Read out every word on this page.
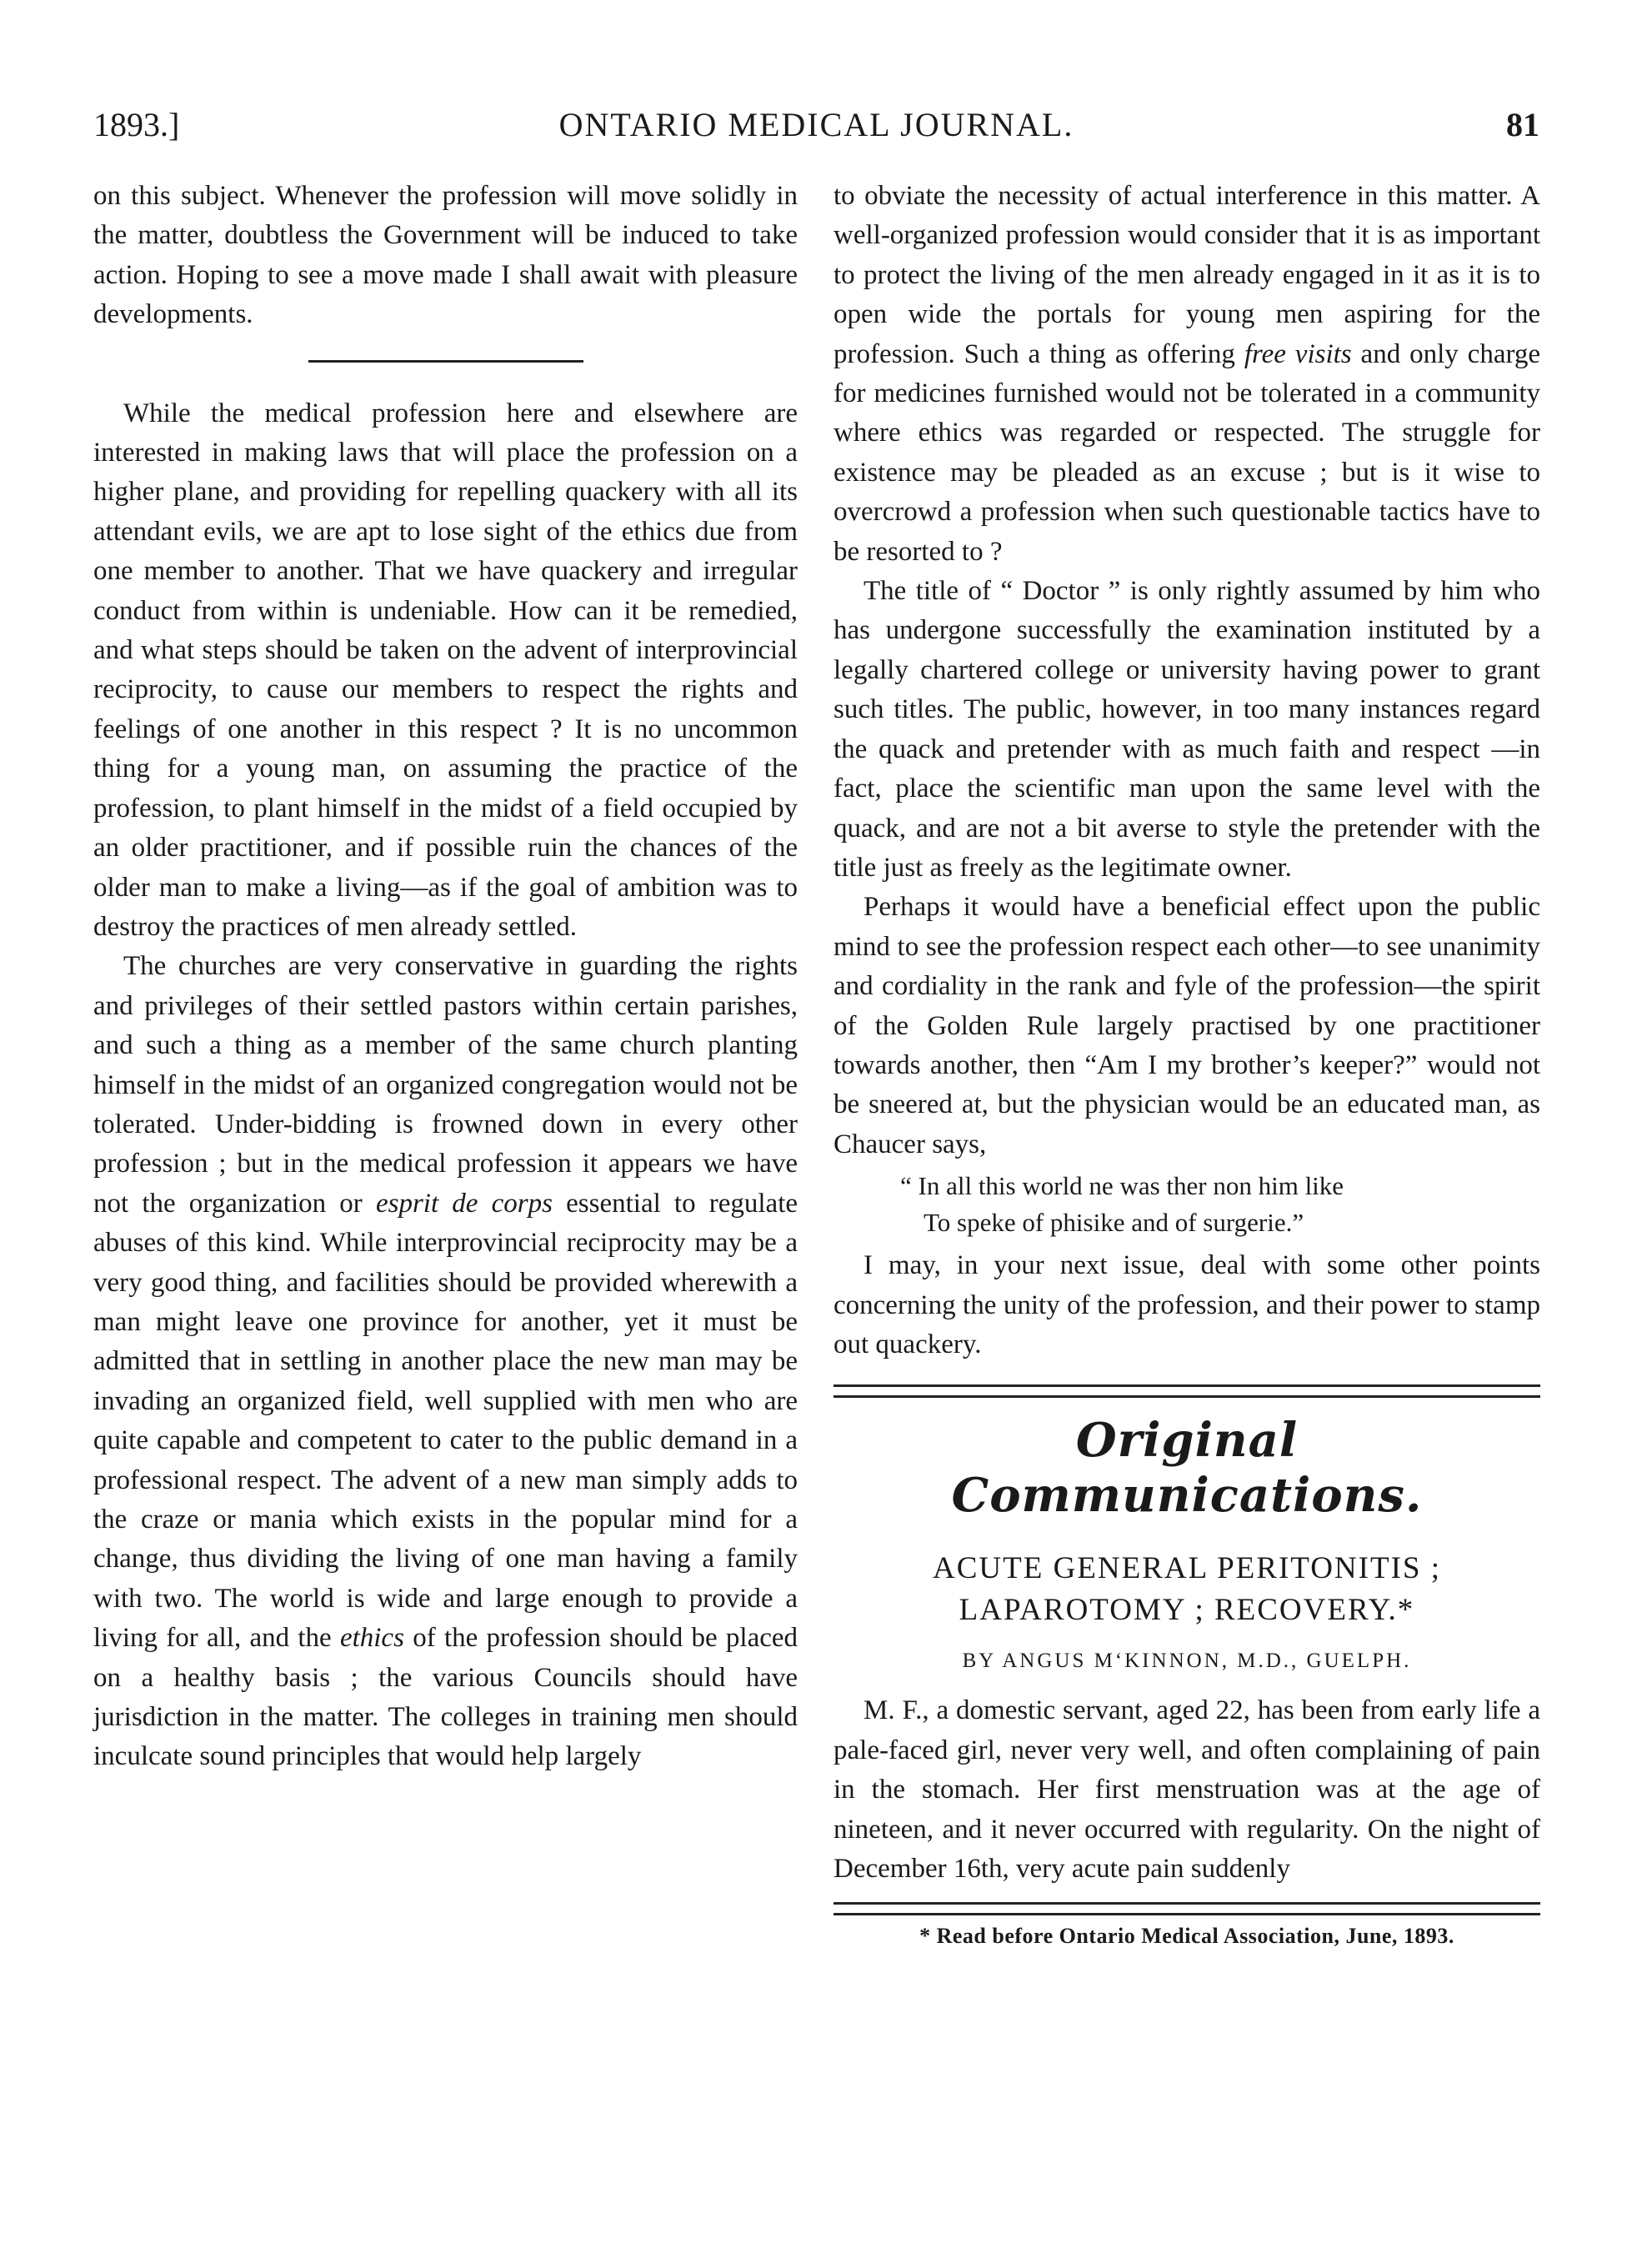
1893.]	ONTARIO MEDICAL JOURNAL.	81

on this subject. Whenever the profession will move solidly in the matter, doubtless the Government will be induced to take action. Hoping to see a move made I shall await with pleasure developments.

While the medical profession here and elsewhere are interested in making laws that will place the profession on a higher plane, and providing for repelling quackery with all its attendant evils, we are apt to lose sight of the ethics due from one member to another. That we have quackery and irregular conduct from within is undeniable. How can it be remedied, and what steps should be taken on the advent of interprovincial reciprocity, to cause our members to respect the rights and feelings of one another in this respect ? It is no uncommon thing for a young man, on assuming the practice of the profession, to plant himself in the midst of a field occupied by an older practitioner, and if possible ruin the chances of the older man to make a living—as if the goal of ambition was to destroy the practices of men already settled.

The churches are very conservative in guarding the rights and privileges of their settled pastors within certain parishes, and such a thing as a member of the same church planting himself in the midst of an organized congregation would not be tolerated. Under-bidding is frowned down in every other profession ; but in the medical profession it appears we have not the organization or esprit de corps essential to regulate abuses of this kind. While interprovincial reciprocity may be a very good thing, and facilities should be provided wherewith a man might leave one province for another, yet it must be admitted that in settling in another place the new man may be invading an organized field, well supplied with men who are quite capable and competent to cater to the public demand in a professional respect. The advent of a new man simply adds to the craze or mania which exists in the popular mind for a change, thus dividing the living of one man having a family with two. The world is wide and large enough to provide a living for all, and the ethics of the profession should be placed on a healthy basis ; the various Councils should have jurisdiction in the matter. The colleges in training men should inculcate sound principles that would help largely

to obviate the necessity of actual interference in this matter. A well-organized profession would consider that it is as important to protect the living of the men already engaged in it as it is to open wide the portals for young men aspiring for the profession. Such a thing as offering free visits and only charge for medicines furnished would not be tolerated in a community where ethics was regarded or respected. The struggle for existence may be pleaded as an excuse ; but is it wise to overcrowd a profession when such questionable tactics have to be resorted to ?

The title of “ Doctor ” is only rightly assumed by him who has undergone successfully the examination instituted by a legally chartered college or university having power to grant such titles. The public, however, in too many instances regard the quack and pretender with as much faith and respect —in fact, place the scientific man upon the same level with the quack, and are not a bit averse to style the pretender with the title just as freely as the legitimate owner.

Perhaps it would have a beneficial effect upon the public mind to see the profession respect each other—to see unanimity and cordiality in the rank and fyle of the profession—the spirit of the Golden Rule largely practised by one practitioner towards another, then “Am I my brother’s keeper?” would not be sneered at, but the physician would be an educated man, as Chaucer says,

“ In all this world ne was ther non him like
To speke of phisike and of surgerie.”

I may, in your next issue, deal with some other points concerning the unity of the profession, and their power to stamp out quackery.

Original Communications.
ACUTE GENERAL PERITONITIS ; LAPAROTOMY ; RECOVERY.*
BY ANGUS M‘KINNON, M.D., GUELPH.

M. F., a domestic servant, aged 22, has been from early life a pale-faced girl, never very well, and often complaining of pain in the stomach. Her first menstruation was at the age of nineteen, and it never occurred with regularity. On the night of December 16th, very acute pain suddenly

* Read before Ontario Medical Association, June, 1893.
